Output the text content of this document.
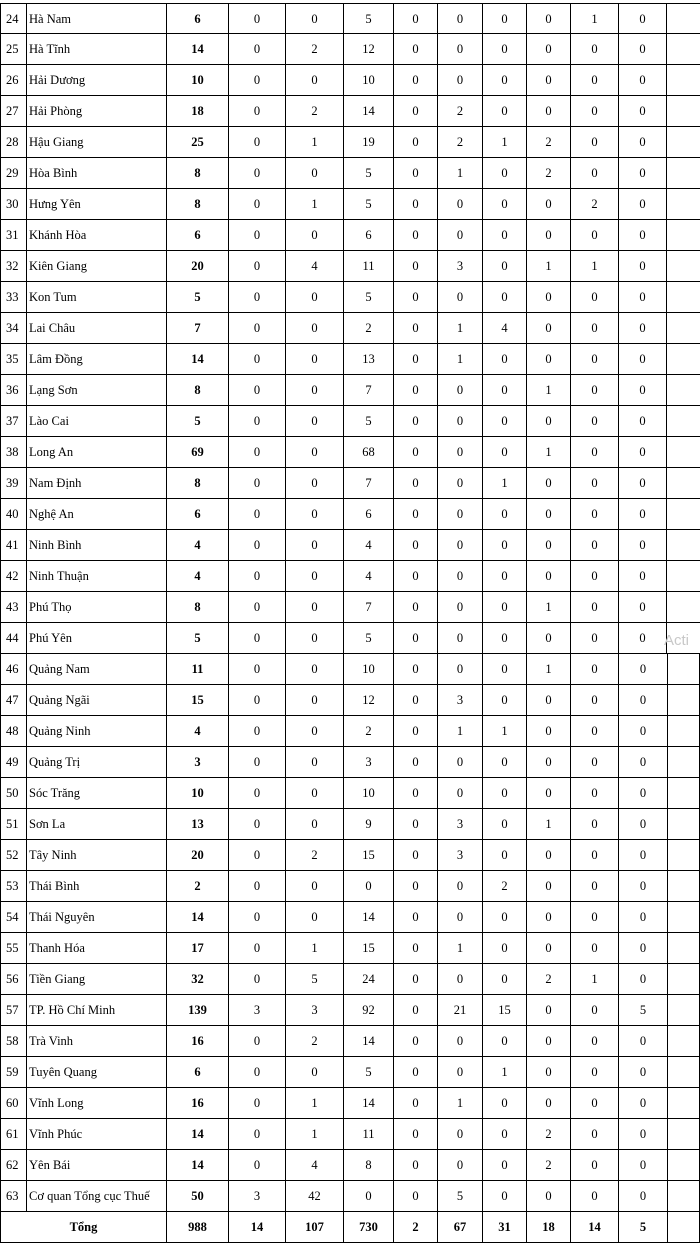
24 Hà Nam	6	0	0	5	0	0	0	0	1	0
25 Hà Tĩnh	14	0	2	12	0	0	0	0	0	0
26 Hải Dương	10	0	0	10	0	0	0	0	0	0
27 Hải Phòng	18	0	2	14	0	2	0	0	0	0
28 Hậu Giang	25	0	1	19	0	2	1	2	0	0
29 Hòa Bình	8	0	0	5	0	1	0	2	0	0
30 Hưng Yên	8	0	1	5	0	0	0	0	2	0
31 Khánh Hòa	6	0	0	6	0	0	0	0	0	0
32 Kiên Giang	20	0	4	11	0	3	0	1	1	0
33 Kon Tum	5	0	0	5	0	0	0	0	0	0
34 Lai Châu	7	0	0	2	0	1	4	0	0	0
35 Lâm Đồng	14	0	0	13	0	1	0	0	0	0
36 Lạng Sơn	8	0	0	7	0	0	0	1	0	0
37 Lào Cai	5	0	0	5	0	0	0	0	0	0
38 Long An	69	0	0	68	0	0	0	1	0	0
39 Nam Định	8	0	0	7	0	0	1	0	0	0
40 Nghệ An	6	0	0	6	0	0	0	0	0	0
41 Ninh Bình	4	0	0	4	0	0	0	0	0	0
42 Ninh Thuận	4	0	0	4	0	0	0	0	0	0
43 Phú Thọ	8	0	0	7	0	0	0	1	0	0
44 Phú Yên	5	0	0	5	0	0	0	0	0	0
46 Quảng Nam	11	0	0	10	0	0	0	1	0	0
47 Quảng Ngãi	15	0	0	12	0	3	0	0	0	0
48 Quảng Ninh	4	0	0	2	0	1	1	0	0	0
49 Quảng Trị	3	0	0	3	0	0	0	0	0	0
50 Sóc Trăng	10	0	0	10	0	0	0	0	0	0
51 Sơn La	13	0	0	9	0	3	0	1	0	0
52 Tây Ninh	20	0	2	15	0	3	0	0	0	0
53 Thái Bình	2	0	0	0	0	0	2	0	0	0
54 Thái Nguyên	14	0	0	14	0	0	0	0	0	0
55 Thanh Hóa	17	0	1	15	0	1	0	0	0	0
56 Tiền Giang	32	0	5	24	0	0	0	2	1	0
57 TP. Hồ Chí Minh	139	3	3	92	0	21	15	0	0	5
58 Trà Vinh	16	0	2	14	0	0	0	0	0	0
59 Tuyên Quang	6	0	0	5	0	0	1	0	0	0
60 Vĩnh Long	16	0	1	14	0	1	0	0	0	0
61 Vĩnh Phúc	14	0	1	11	0	0	0	2	0	0
62 Yên Bái	14	0	4	8	0	0	0	2	0	0
63 Cơ quan Tổng cục Thuế	50	3	42	0	0	5	0	0	0	0
Tổng	988	14	107	730	2	67	31	18	14	5
Acti
